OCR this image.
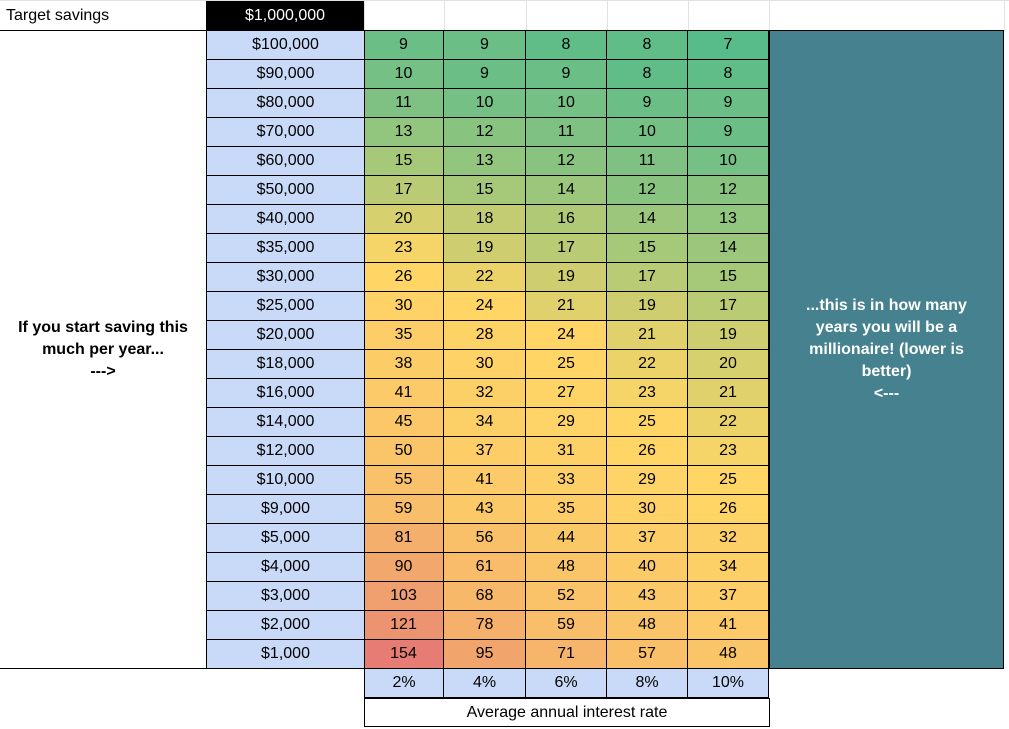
Target savings	$1,000,000
If you start saving this
much per year...
--->
$100,000	9	9	8	8	7
$90,000	10	9	9	8	8
$80,000	11	10	10	9	9
$70,000	13	12	11	10	9
$60,000	15	13	12	11	10
$50,000	17	15	14	12	12
$40,000	20	18	16	14	13
$35,000	23	19	17	15	14
$30,000	26	22	19	17	15
$25,000	30	24	21	19	17
$20,000	35	28	24	21	19
$18,000	38	30	25	22	20
$16,000	41	32	27	23	21
$14,000	45	34	29	25	22
$12,000	50	37	31	26	23
$10,000	55	41	33	29	25
$9,000	59	43	35	30	26
$5,000	81	56	44	37	32
$4,000	90	61	48	40	34
$3,000	103	68	52	43	37
$2,000	121	78	59	48	41
$1,000	154	95	71	57	48
...this is in how many
years you will be a
millionaire! (lower is
better)
<---
2%	4%	6%	8%	10%
Average annual interest rate
